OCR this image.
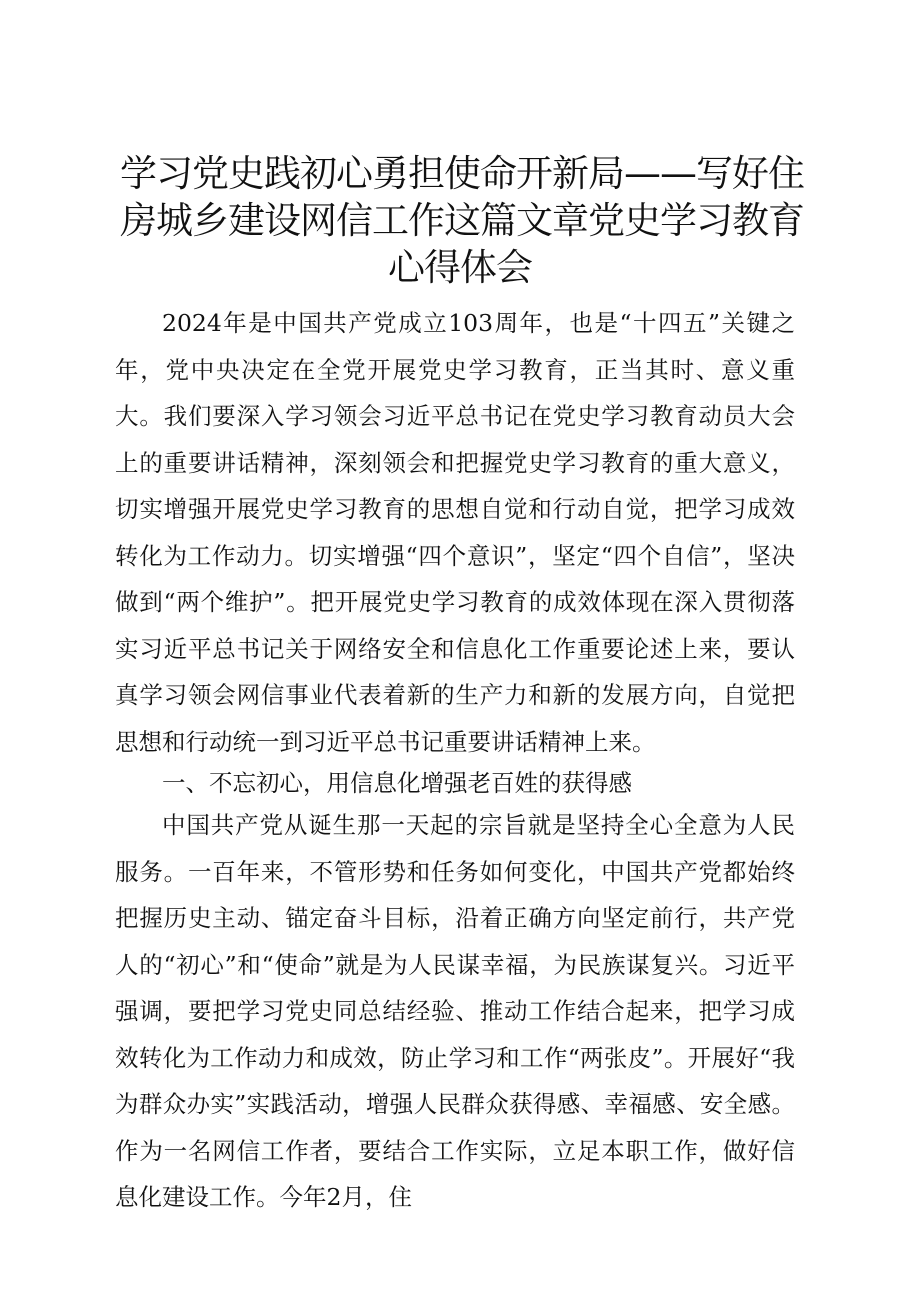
学习党史践初心勇担使命开新局——写好住
房城乡建设网信工作这篇文章党史学习教育
心得体会

2024年是中国共产党成立103周年，也是“十四五”关键之年，党中央决定在全党开展党史学习教育，正当其时、意义重大。我们要深入学习领会习近平总书记在党史学习教育动员大会上的重要讲话精神，深刻领会和把握党史学习教育的重大意义，切实增强开展党史学习教育的思想自觉和行动自觉，把学习成效转化为工作动力。切实增强“四个意识”，坚定“四个自信”，坚决做到“两个维护”。把开展党史学习教育的成效体现在深入贯彻落实习近平总书记关于网络安全和信息化工作重要论述上来，要认真学习领会网信事业代表着新的生产力和新的发展方向，自觉把思想和行动统一到习近平总书记重要讲话精神上来。

一、不忘初心，用信息化增强老百姓的获得感

中国共产党从诞生那一天起的宗旨就是坚持全心全意为人民服务。一百年来，不管形势和任务如何变化，中国共产党都始终把握历史主动、锚定奋斗目标，沿着正确方向坚定前行，共产党人的“初心”和“使命”就是为人民谋幸福，为民族谋复兴。习近平强调，要把学习党史同总结经验、推动工作结合起来，把学习成效转化为工作动力和成效，防止学习和工作“两张皮”。开展好“我为群众办实”实践活动，增强人民群众获得感、幸福感、安全感。作为一名网信工作者，要结合工作实际，立足本职工作，做好信息化建设工作。今年2月，住
